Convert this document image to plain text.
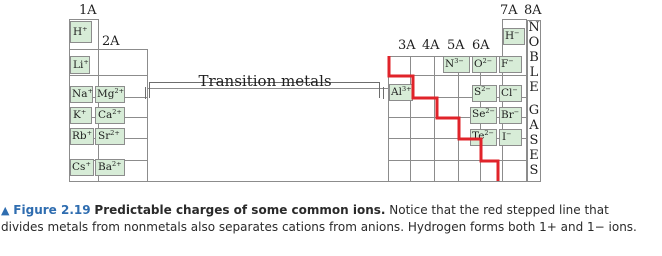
1A
2A	3A 4A 5A 6A
7A 8A
H+
Li+
Na+ $Mg^{2+}$
K+ $Ca^{2+}$
Rb+ $Sr^{2+}$
Cs+ $Ba^{2+}$
$Al^{3+}$
$N^{3-}$ $O^{2-}$ F−
$S^{2-}$ Cl−
$Se^{2-}$ Br−
$Te^{2-}$ I−
H−
Transition metals
N
O
B
L
E
G
A
S
E
S
▲ Figure 2.19 Predictable charges of some common ions. Notice that the red stepped line that divides metals from nonmetals also separates cations from anions. Hydrogen forms both 1+ and 1− ions.
